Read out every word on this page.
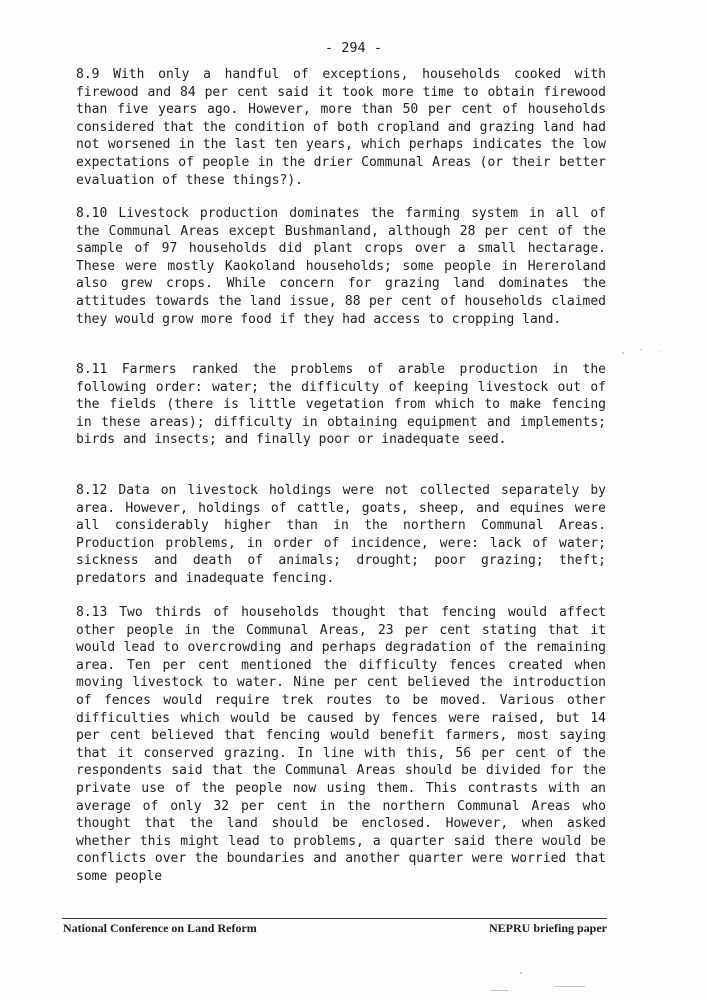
- 294 -

8.9 With only a handful of exceptions, households cooked with firewood and 84 per cent said it took more time to obtain firewood than five years ago. However, more than 50 per cent of households considered that the condition of both cropland and grazing land had not worsened in the last ten years, which perhaps indicates the low expectations of people in the drier Communal Areas (or their better evaluation of these things?).

8.10 Livestock production dominates the farming system in all of the Communal Areas except Bushmanland, although 28 per cent of the sample of 97 households did plant crops over a small hectarage. These were mostly Kaokoland households; some people in Hereroland also grew crops. While concern for grazing land dominates the attitudes towards the land issue, 88 per cent of households claimed they would grow more food if they had access to cropping land.

8.11 Farmers ranked the problems of arable production in the following order: water; the difficulty of keeping livestock out of the fields (there is little vegetation from which to make fencing in these areas); difficulty in obtaining equipment and implements; birds and insects; and finally poor or inadequate seed.

8.12 Data on livestock holdings were not collected separately by area. However, holdings of cattle, goats, sheep, and equines were all considerably higher than in the northern Communal Areas. Production problems, in order of incidence, were: lack of water; sickness and death of animals; drought; poor grazing; theft; predators and inadequate fencing.

8.13 Two thirds of households thought that fencing would affect other people in the Communal Areas, 23 per cent stating that it would lead to overcrowding and perhaps degradation of the remaining area. Ten per cent mentioned the difficulty fences created when moving livestock to water. Nine per cent believed the introduction of fences would require trek routes to be moved. Various other difficulties which would be caused by fences were raised, but 14 per cent believed that fencing would benefit farmers, most saying that it conserved grazing. In line with this, 56 per cent of the respondents said that the Communal Areas should be divided for the private use of the people now using them. This contrasts with an average of only 32 per cent in the northern Communal Areas who thought that the land should be enclosed. However, when asked whether this might lead to problems, a quarter said there would be conflicts over the boundaries and another quarter were worried that some people

National Conference on Land Reform	NEPRU briefing paper
